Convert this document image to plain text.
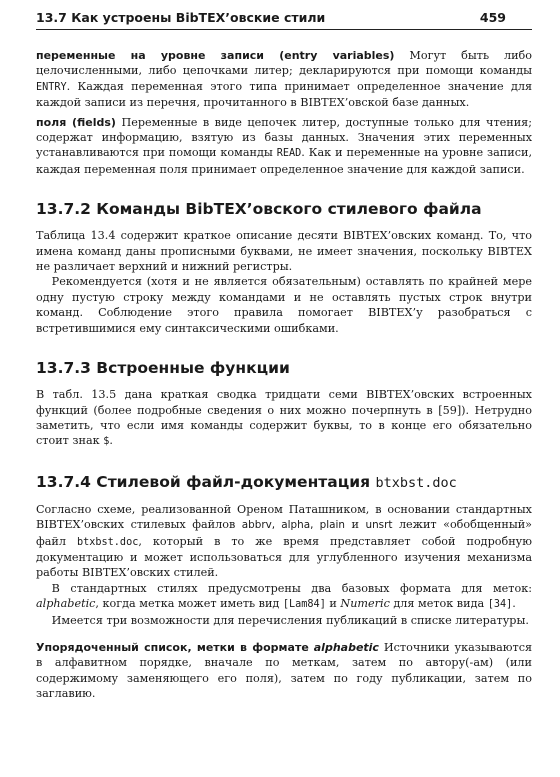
13.7 Как устроены BibTEX’овские стили	459

переменные на уровне записи (entry variables) Могут быть либо целочисленными, либо цепочками литер; декларируются при помощи команды ENTRY. Каждая переменная этого типа принимает определенное значение для каждой записи из перечня, прочитанного в BIBTEX’овской базе данных.

поля (fields) Переменные в виде цепочек литер, доступные только для чтения; содержат информацию, взятую из базы данных. Значения этих переменных устанавливаются при помощи команды READ. Как и переменные на уровне записи, каждая переменная поля принимает определенное значение для каждой записи.

13.7.2 Команды BibTEX’овского стилевого файла

Таблица 13.4 содержит краткое описание десяти BIBTEX’овских команд. То, что имена команд даны прописными буквами, не имеет значения, поскольку BIBTEX не различает верхний и нижний регистры.

Рекомендуется (хотя и не является обязательным) оставлять по крайней мере одну пустую строку между командами и не оставлять пустых строк внутри команд. Соблюдение этого правила помогает BIBTEX’у разобраться с встретившимися ему синтаксическими ошибками.

13.7.3 Встроенные функции

В табл. 13.5 дана краткая сводка тридцати семи BIBTEX’овских встроенных функций (более подробные сведения о них можно почерпнуть в [59]). Нетрудно заметить, что если имя команды содержит буквы, то в конце его обязательно стоит знак $.

13.7.4 Стилевой файл-документация btxbst.doc

Согласно схеме, реализованной Ореном Паташником, в основании стандартных BIBTEX’овских стилевых файлов abbrv, alpha, plain и unsrt лежит «обобщенный» файл btxbst.doc, который в то же время представляет собой подробную документацию и может использоваться для углубленного изучения механизма работы BIBTEX’овских стилей.

В стандартных стилях предусмотрены два базовых формата для меток: alphabetic, когда метка может иметь вид [Lam84] и Numeric для меток вида [34].

Имеется три возможности для перечисления публикаций в списке литературы.

Упорядоченный список, метки в формате alphabetic Источники указываются в алфавитном порядке, вначале по меткам, затем по автору(-ам) (или содержимому заменяющего его поля), затем по году публикации, затем по заглавию.
